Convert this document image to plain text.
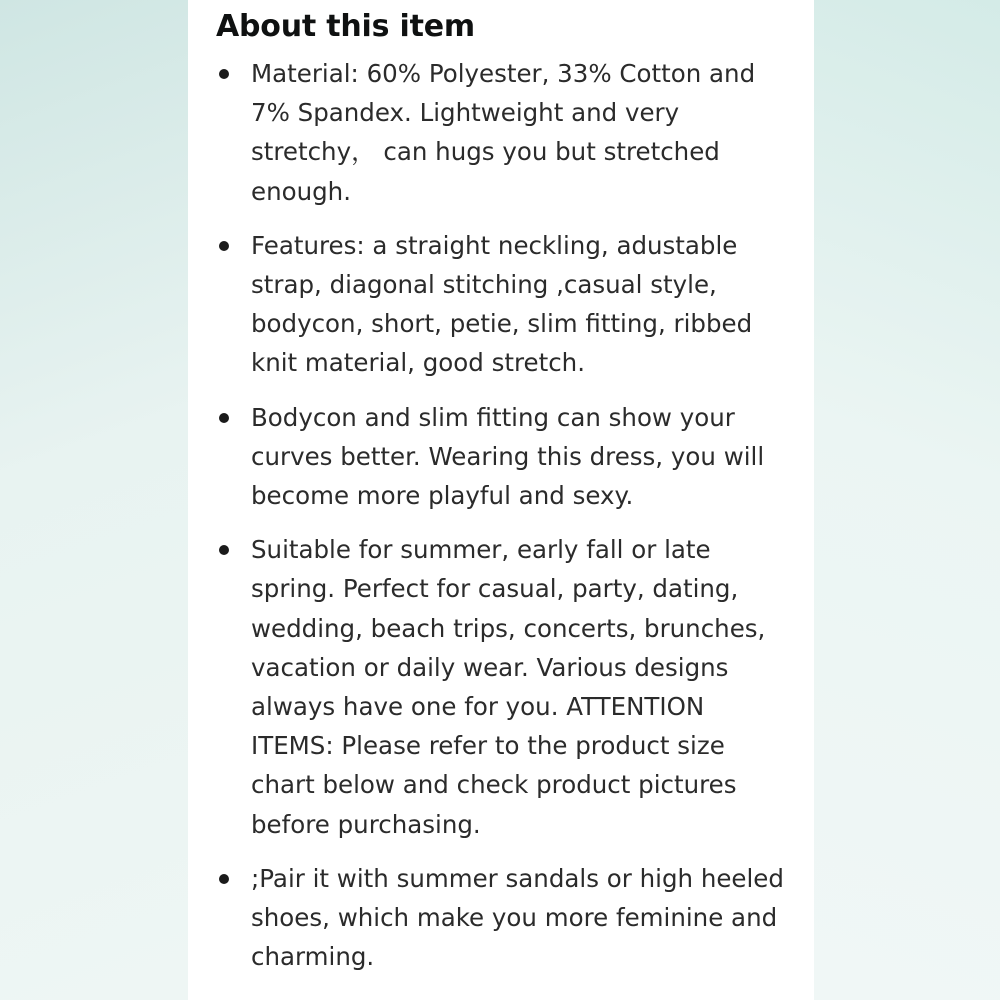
About this item
Material: 60% Polyester, 33% Cotton and 7% Spandex. Lightweight and very stretchy， can hugs you but stretched enough.
Features: a straight neckling, adustable strap, diagonal stitching ,casual style, bodycon, short, petie, slim fitting, ribbed knit material, good stretch.
Bodycon and slim fitting can show your curves better. Wearing this dress, you will become more playful and sexy.
Suitable for summer, early fall or late spring. Perfect for casual, party, dating, wedding, beach trips, concerts, brunches, vacation or daily wear. Various designs always have one for you. ATTENTION ITEMS: Please refer to the product size chart below and check product pictures before purchasing.
;Pair it with summer sandals or high heeled shoes, which make you more feminine and charming.
